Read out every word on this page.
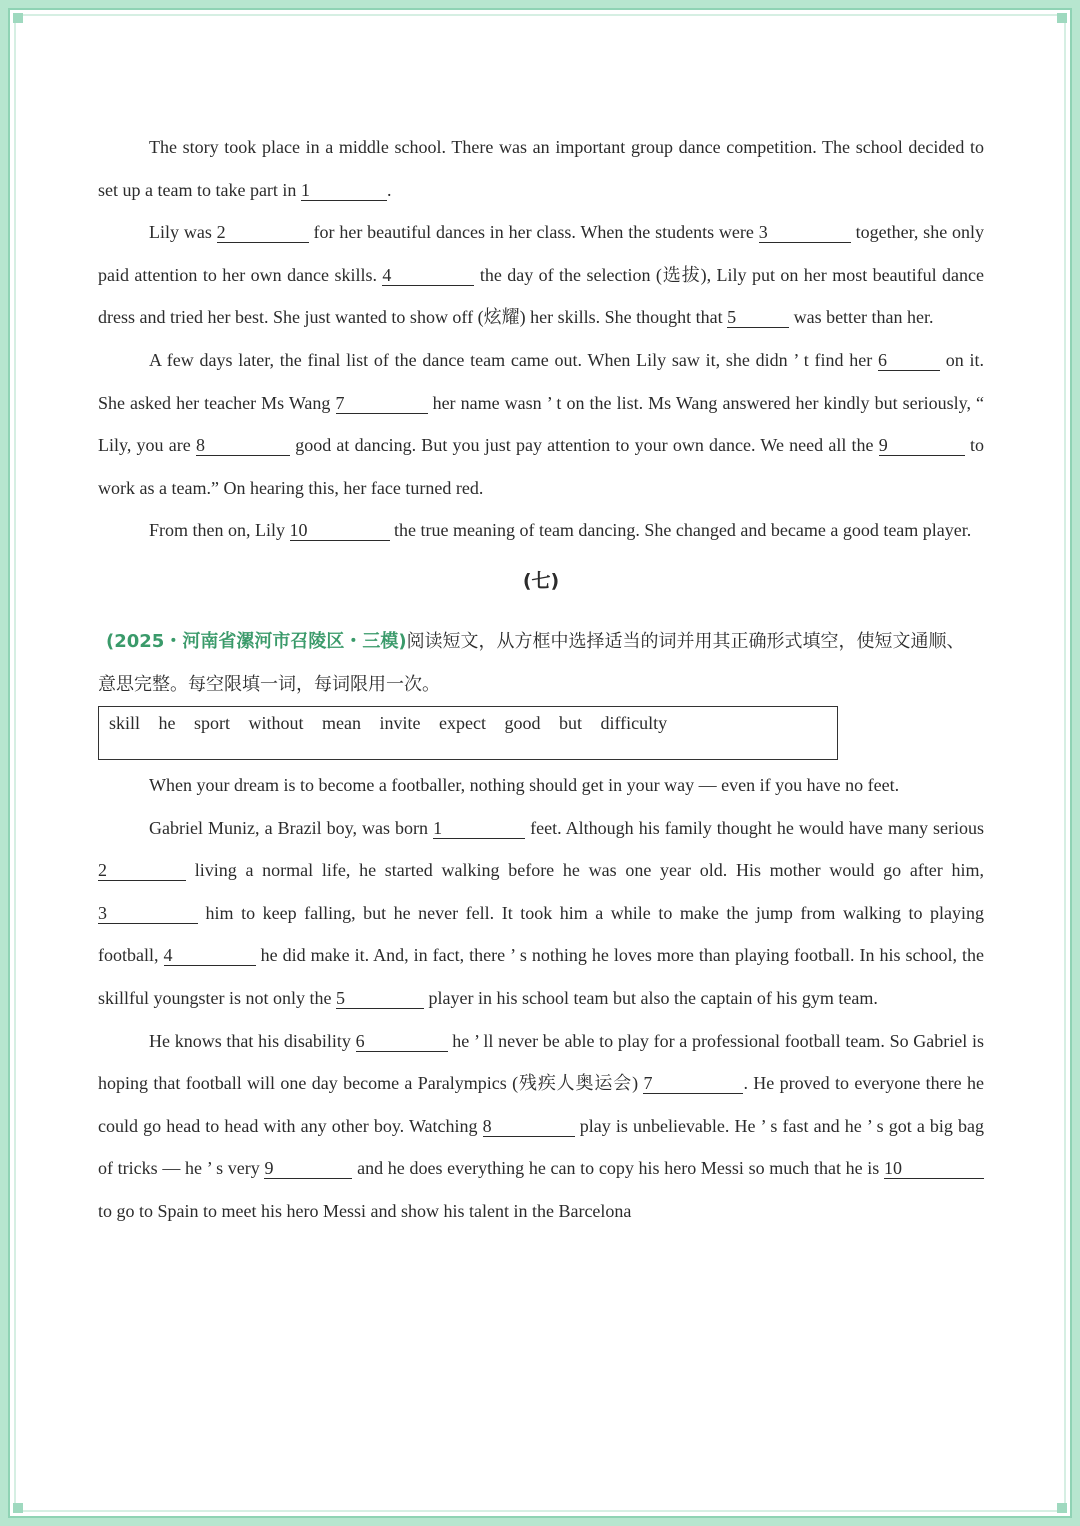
The story took place in a middle school. There was an important group dance competition. The school decided to set up a team to take part in 1	.

Lily was 2	for her beautiful dances in her class. When the students were 3	together, she only paid attention to her own dance skills. 4	the day of the selection (选拔), Lily put on her most beautiful dance dress and tried her best. She just wanted to show off (炫耀) her skills. She thought that 5	was better than her.

A few days later, the final list of the dance team came out. When Lily saw it, she didn ’ t find her 6	on it. She asked her teacher Ms Wang 7	her name wasn ’ t on the list. Ms Wang answered her kindly but seriously, “ Lily, you are 8	good at dancing. But you just pay attention to your own dance. We need all the 9	to work as a team.” On hearing this, her face turned red.

From then on, Lily 10	the true meaning of team dancing. She changed and became a good team player.

(七)

(2025・河南省漯河市召陵区・三模)阅读短文，从方框中选择适当的词并用其正确形式填空，使短文通顺、

意思完整。每空限填一词，每词限用一次。

skill he sport without mean invite expect good but difficulty

When your dream is to become a footballer, nothing should get in your way — even if you have no feet.

Gabriel Muniz, a Brazil boy, was born 1	feet. Although his family thought he would have many serious 2	living a normal life, he started walking before he was one year old. His mother would go after him, 3	him to keep falling, but he never fell. It took him a while to make the jump from walking to playing football, 4	he did make it. And, in fact, there ’ s nothing he loves more than playing football. In his school, the skillful youngster is not only the 5	player in his school team but also the captain of his gym team.

He knows that his disability 6	he ’ ll never be able to play for a professional football team. So Gabriel is hoping that football will one day become a Paralympics (残疾人奥运会) 7	. He proved to everyone there he could go head to head with any other boy. Watching 8	play is unbelievable. He ’ s fast and he ’ s got a big bag of tricks — he ’ s very 9	and he does everything he can to copy his hero Messi so much that he is 10 to go to Spain to meet his hero Messi and show his talent in the Barcelona
